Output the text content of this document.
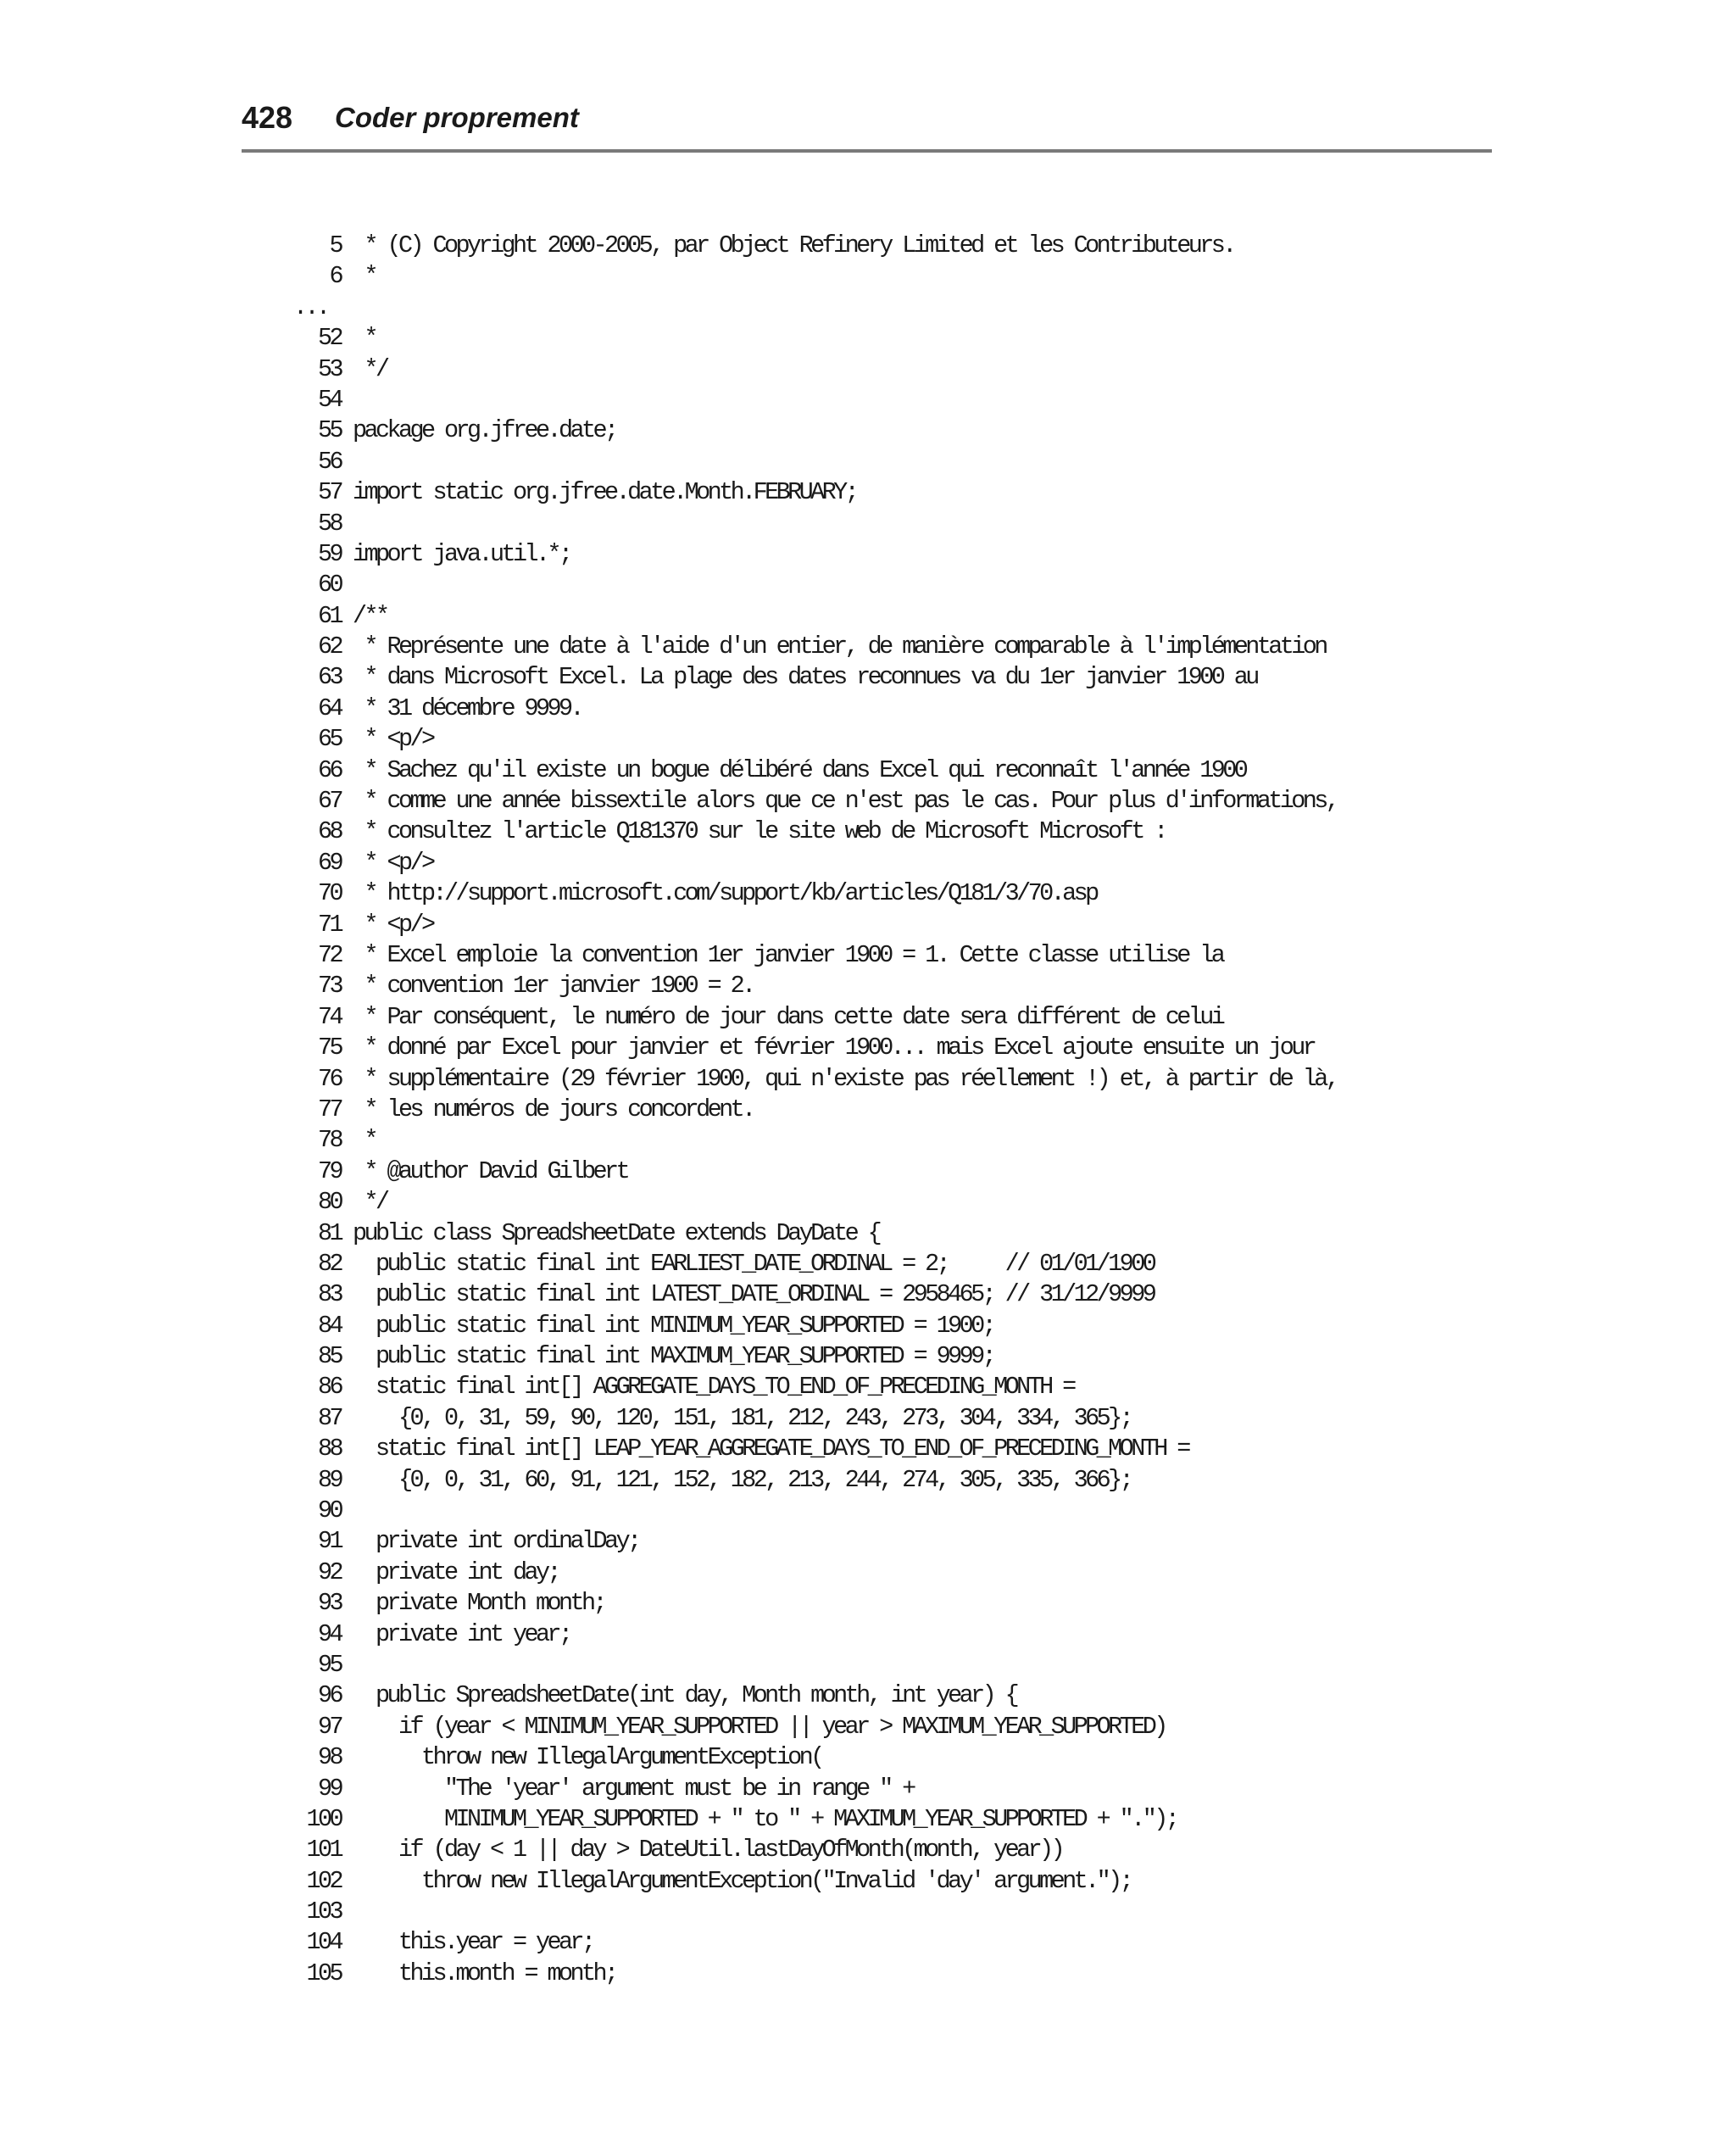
428 Coder proprement
5 * (C) Copyright 2000-2005, par Object Refinery Limited et les Contributeurs.
6 *
...
52 *
53 */
54
55 package org.jfree.date;
56
57 import static org.jfree.date.Month.FEBRUARY;
58
59 import java.util.*;
60
61 /**
62 * Représente une date à l'aide d'un entier, de manière comparable à l'implémentation
63 * dans Microsoft Excel. La plage des dates reconnues va du 1er janvier 1900 au
64 * 31 décembre 9999.
65 * <p/>
66 * Sachez qu'il existe un bogue délibéré dans Excel qui reconnaît l'année 1900
67 * comme une année bissextile alors que ce n'est pas le cas. Pour plus d'informations,
68 * consultez l'article Q181370 sur le site web de Microsoft Microsoft :
69 * <p/>
70 * http://support.microsoft.com/support/kb/articles/Q181/3/70.asp
71 * <p/>
72 * Excel emploie la convention 1er janvier 1900 = 1. Cette classe utilise la
73 * convention 1er janvier 1900 = 2.
74 * Par conséquent, le numéro de jour dans cette date sera différent de celui
75 * donné par Excel pour janvier et février 1900... mais Excel ajoute ensuite un jour
76 * supplémentaire (29 février 1900, qui n'existe pas réellement !) et, à partir de là,
77 * les numéros de jours concordent.
78 *
79 * @author David Gilbert
80 */
81 public class SpreadsheetDate extends DayDate {
82 public static final int EARLIEST_DATE_ORDINAL = 2;     // 01/01/1900
83 public static final int LATEST_DATE_ORDINAL = 2958465; // 31/12/9999
84 public static final int MINIMUM_YEAR_SUPPORTED = 1900;
85 public static final int MAXIMUM_YEAR_SUPPORTED = 9999;
86 static final int[] AGGREGATE_DAYS_TO_END_OF_PRECEDING_MONTH =
87 {0, 0, 31, 59, 90, 120, 151, 181, 212, 243, 273, 304, 334, 365};
88 static final int[] LEAP_YEAR_AGGREGATE_DAYS_TO_END_OF_PRECEDING_MONTH =
89 {0, 0, 31, 60, 91, 121, 152, 182, 213, 244, 274, 305, 335, 366};
90
91 private int ordinalDay;
92 private int day;
93 private Month month;
94 private int year;
95
96 public SpreadsheetDate(int day, Month month, int year) {
97 if (year < MINIMUM_YEAR_SUPPORTED || year > MAXIMUM_YEAR_SUPPORTED)
98 throw new IllegalArgumentException(
99 "The 'year' argument must be in range " +
100 MINIMUM_YEAR_SUPPORTED + " to " + MAXIMUM_YEAR_SUPPORTED + ".");
101 if (day < 1 || day > DateUtil.lastDayOfMonth(month, year))
102 throw new IllegalArgumentException("Invalid 'day' argument.");
103
104 this.year = year;
105 this.month = month;
